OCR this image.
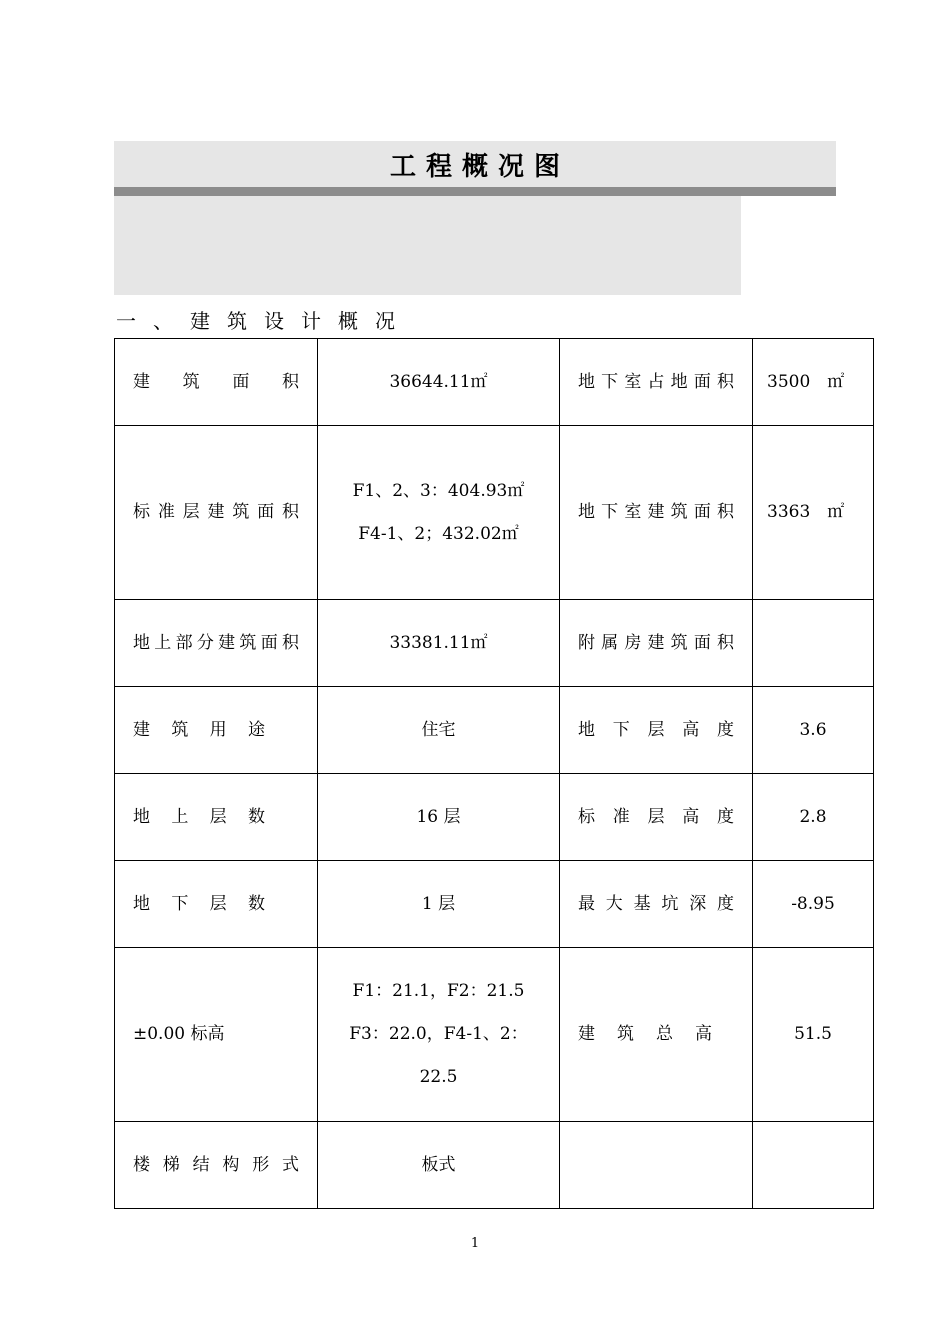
工程概况图
一、建筑设计概况
建筑面积	36644.11㎡	地下室占地面积	3500　㎡
标准层建筑面积	F1、2、3：404.93㎡ F4-1、2；432.02㎡	地下室建筑面积	3363　㎡
地上部分建筑面积	33381.11㎡	附属房建筑面积	
建筑用途	住宅	地下层高度	3.6
地上层数	16 层	标准层高度	2.8
地下层数	1 层	最大基坑深度	-8.95
±0.00 标高	F1：21.1，F2：21.5 F3：22.0，F4-1、2：22.5	建筑总高	51.5
楼梯结构形式	板式		
1
